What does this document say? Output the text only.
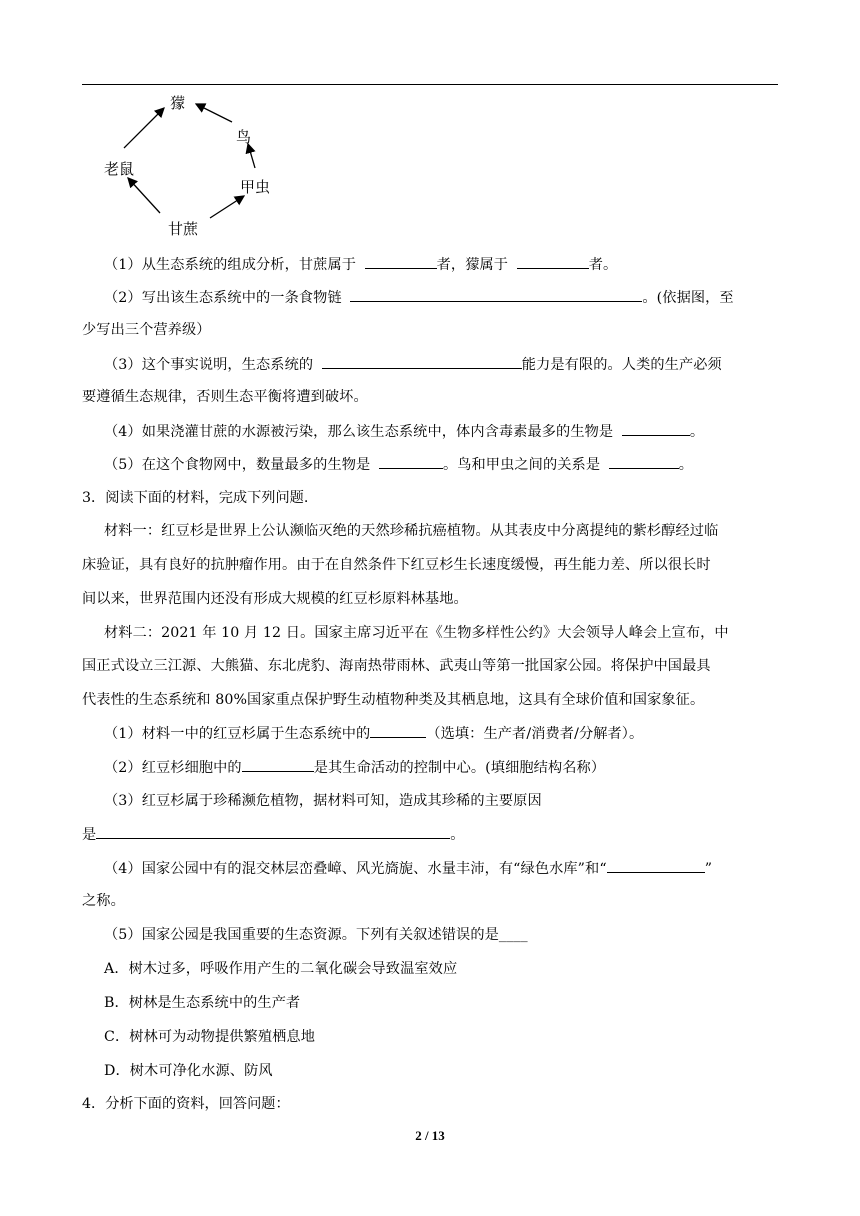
獴
鸟
老鼠
甲虫
甘蔗
（1）从生态系统的组成分析，甘蔗属于	者，獴属于	者。
（2）写出该生态系统中的一条食物链	。(依据图，至
少写出三个营养级）
（3）这个事实说明，生态系统的	能力是有限的。人类的生产必须
要遵循生态规律，否则生态平衡将遭到破坏。
（4）如果浇灌甘蔗的水源被污染，那么该生态系统中，体内含毒素最多的生物是	。
（5）在这个食物网中，数量最多的生物是	。鸟和甲虫之间的关系是	。
3．阅读下面的材料，完成下列问题.
材料一：红豆杉是世界上公认濒临灭绝的天然珍稀抗癌植物。从其表皮中分离提纯的紫杉醇经过临
床验证，具有良好的抗肿瘤作用。由于在自然条件下红豆杉生长速度缓慢，再生能力差、所以很长时
间以来，世界范围内还没有形成大规模的红豆杉原料林基地。
材料二：2021 年 10 月 12 日。国家主席习近平在《生物多样性公约》大会领导人峰会上宣布，中
国正式设立三江源、大熊猫、东北虎豹、海南热带雨林、武夷山等第一批国家公园。将保护中国最具
代表性的生态系统和 80%国家重点保护野生动植物种类及其栖息地，这具有全球价值和国家象征。
（1）材料一中的红豆杉属于生态系统中的	（选填：生产者/消费者/分解者）。
（2）红豆杉细胞中的	是其生命活动的控制中心。(填细胞结构名称）
（3）红豆杉属于珍稀濒危植物，据材料可知，造成其珍稀的主要原因
是	。
（4）国家公园中有的混交林层峦叠嶂、风光旖旎、水量丰沛，有“绿色水库”和“	”
之称。
（5）国家公园是我国重要的生态资源。下列有关叙述错误的是____
A．树木过多，呼吸作用产生的二氧化碳会导致温室效应
B．树林是生态系统中的生产者
C．树林可为动物提供繁殖栖息地
D．树木可净化水源、防风
4．分析下面的资料，回答问题：
2 / 13
